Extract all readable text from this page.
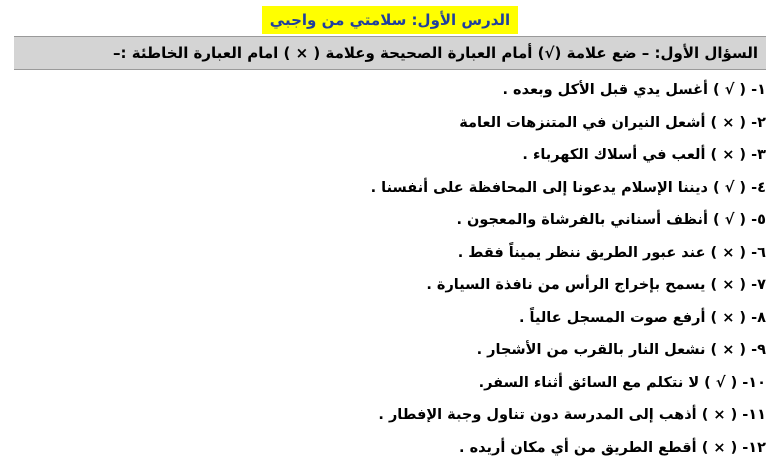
الدرس الأول: سلامتي من واجبي
السؤال الأول: – ضع علامة (√) أمام العبارة الصحيحة وعلامة ( × ) امام العبارة الخاطئة :–
١- ( √ ) أغسل يدي قبل الأكل وبعده .
٢- ( × ) أشعل النيران في المتنزهات العامة
٣- ( × ) ألعب في أسلاك الكهرباء .
٤- ( √ ) ديننا الإسلام يدعونا إلى المحافظة على أنفسنا .
٥- ( √ ) أنظف أسناني بالفرشاة والمعجون .
٦- ( × ) عند عبور الطريق ننظر يميناً فقط .
٧- ( × ) يسمح بإخراج الرأس من نافذة السيارة .
٨- ( × ) أرفع صوت المسجل عالياً .
٩- ( × ) نشعل النار بالقرب من الأشجار .
١٠- ( √ ) لا نتكلم مع السائق أثناء السفر.
١١- ( × ) أذهب إلى المدرسة دون تناول وجبة الإفطار .
١٢- ( × ) أقطع الطريق من أي مكان أريده .
